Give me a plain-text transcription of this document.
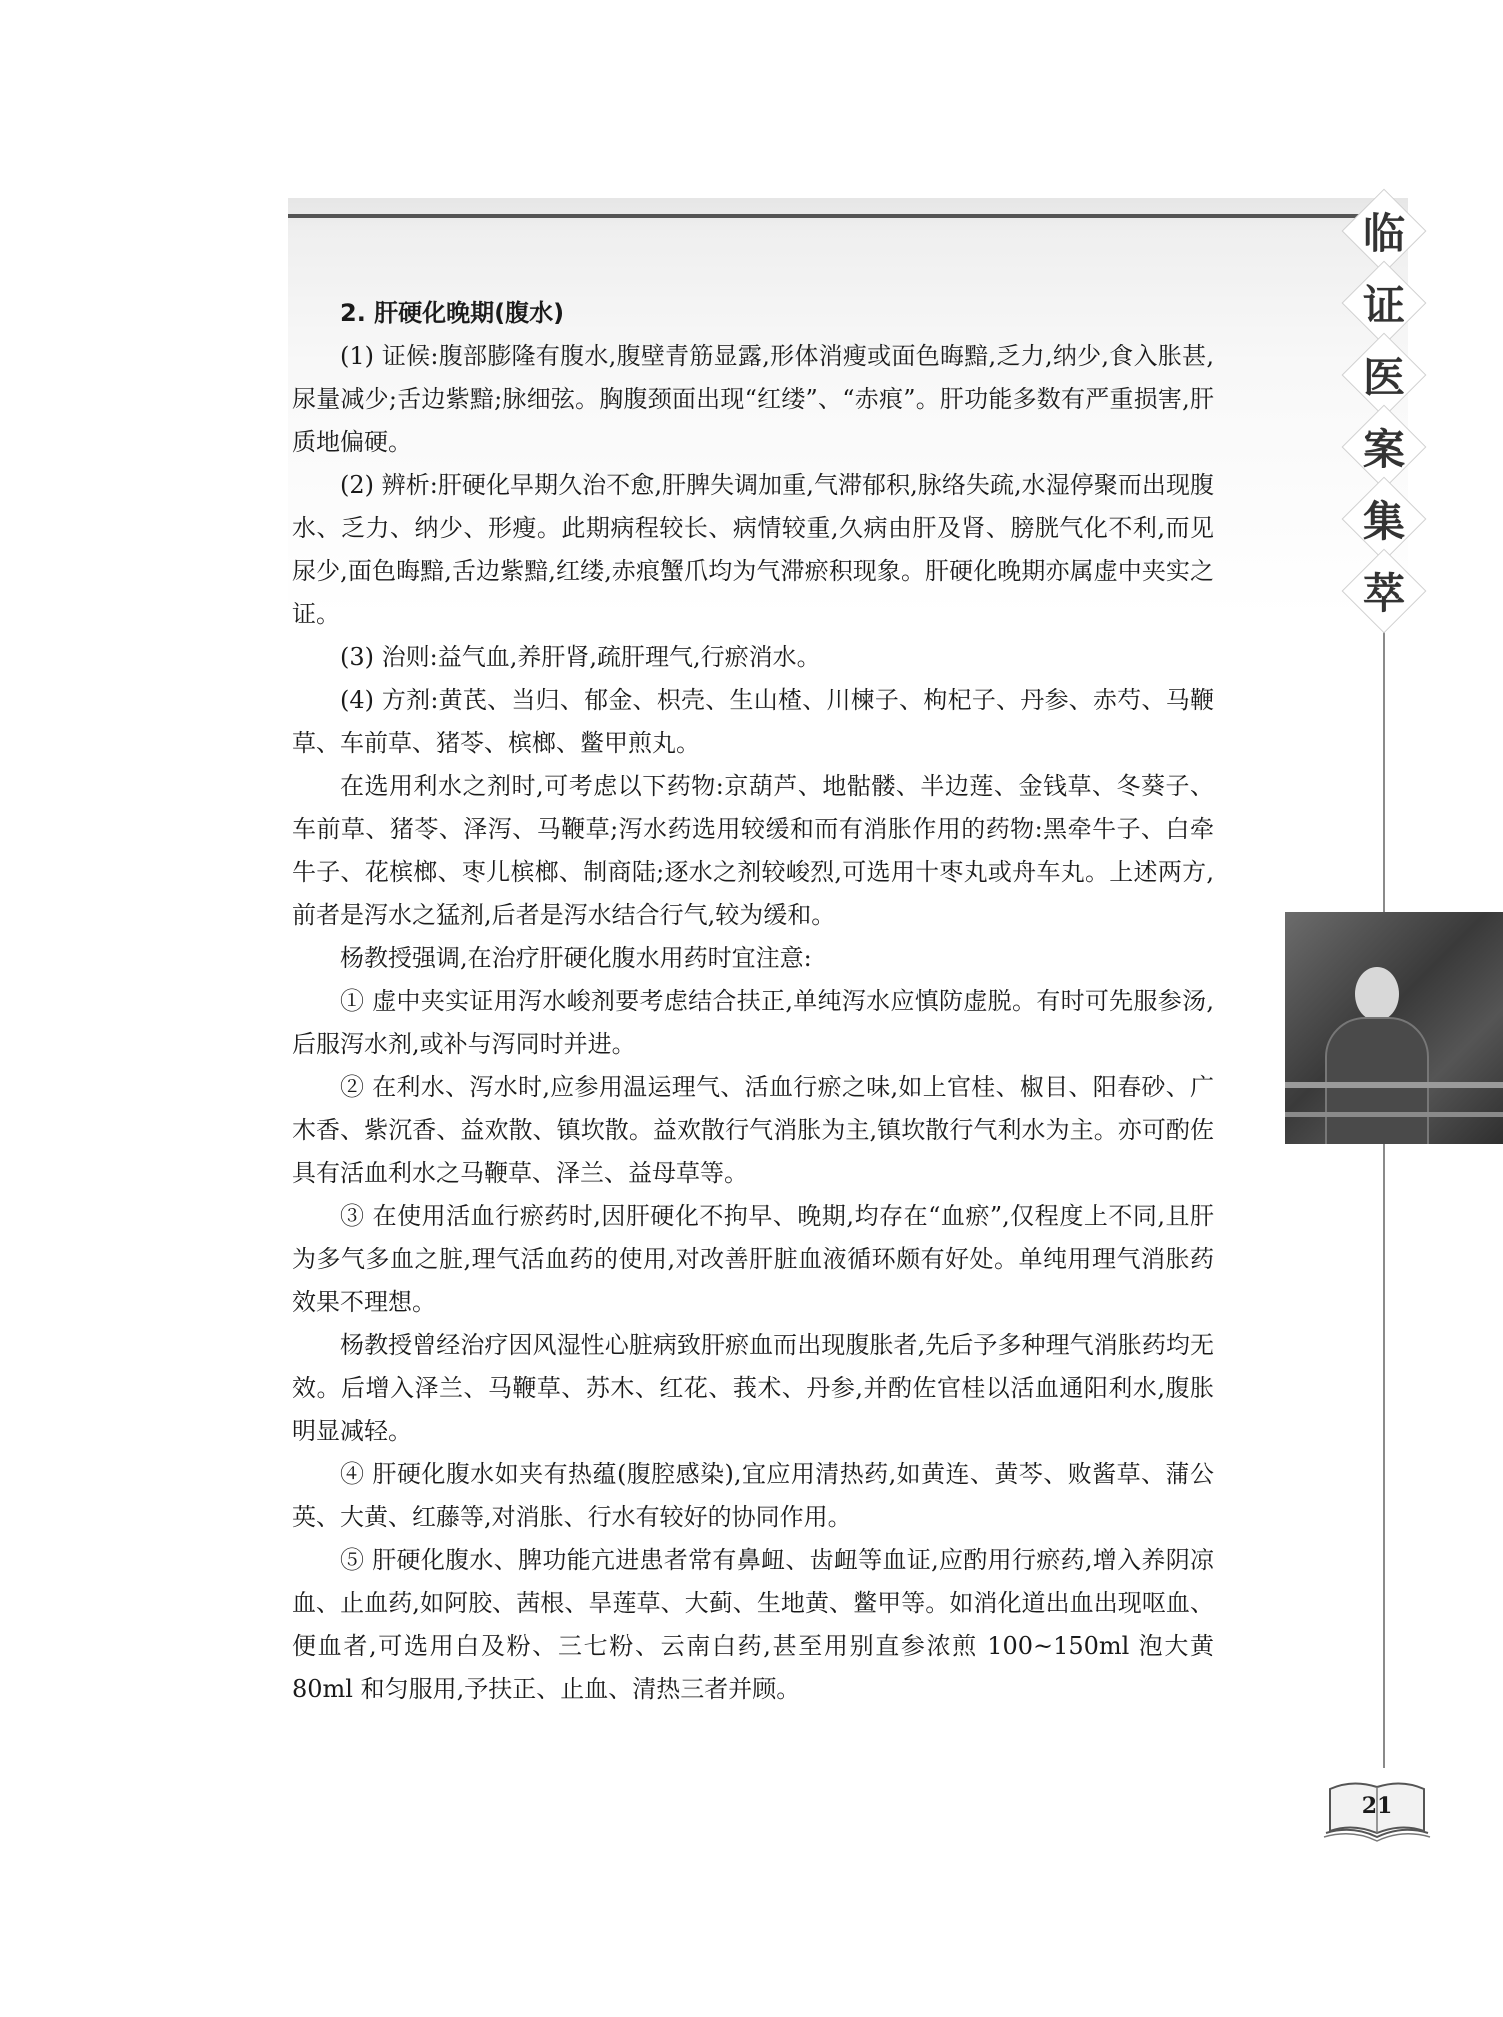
临
证
医
案
集
萃

2. 肝硬化晚期(腹水)

(1) 证候:腹部膨隆有腹水,腹壁青筋显露,形体消瘦或面色晦黯,乏力,纳少,食入胀甚,尿量减少;舌边紫黯;脉细弦。胸腹颈面出现“红缕”、“赤痕”。肝功能多数有严重损害,肝质地偏硬。

(2) 辨析:肝硬化早期久治不愈,肝脾失调加重,气滞郁积,脉络失疏,水湿停聚而出现腹水、乏力、纳少、形瘦。此期病程较长、病情较重,久病由肝及肾、膀胱气化不利,而见尿少,面色晦黯,舌边紫黯,红缕,赤痕蟹爪均为气滞瘀积现象。肝硬化晚期亦属虚中夹实之证。

(3) 治则:益气血,养肝肾,疏肝理气,行瘀消水。

(4) 方剂:黄芪、当归、郁金、枳壳、生山楂、川楝子、枸杞子、丹参、赤芍、马鞭草、车前草、猪苓、槟榔、鳖甲煎丸。

在选用利水之剂时,可考虑以下药物:京葫芦、地骷髅、半边莲、金钱草、冬葵子、车前草、猪苓、泽泻、马鞭草;泻水药选用较缓和而有消胀作用的药物:黑牵牛子、白牵牛子、花槟榔、枣儿槟榔、制商陆;逐水之剂较峻烈,可选用十枣丸或舟车丸。上述两方,前者是泻水之猛剂,后者是泻水结合行气,较为缓和。

杨教授强调,在治疗肝硬化腹水用药时宜注意:

① 虚中夹实证用泻水峻剂要考虑结合扶正,单纯泻水应慎防虚脱。有时可先服参汤,后服泻水剂,或补与泻同时并进。

② 在利水、泻水时,应参用温运理气、活血行瘀之味,如上官桂、椒目、阳春砂、广木香、紫沉香、益欢散、镇坎散。益欢散行气消胀为主,镇坎散行气利水为主。亦可酌佐具有活血利水之马鞭草、泽兰、益母草等。

③ 在使用活血行瘀药时,因肝硬化不拘早、晚期,均存在“血瘀”,仅程度上不同,且肝为多气多血之脏,理气活血药的使用,对改善肝脏血液循环颇有好处。单纯用理气消胀药效果不理想。

杨教授曾经治疗因风湿性心脏病致肝瘀血而出现腹胀者,先后予多种理气消胀药均无效。后增入泽兰、马鞭草、苏木、红花、莪术、丹参,并酌佐官桂以活血通阳利水,腹胀明显减轻。

④ 肝硬化腹水如夹有热蕴(腹腔感染),宜应用清热药,如黄连、黄芩、败酱草、蒲公英、大黄、红藤等,对消胀、行水有较好的协同作用。

⑤ 肝硬化腹水、脾功能亢进患者常有鼻衄、齿衄等血证,应酌用行瘀药,增入养阴凉血、止血药,如阿胶、茜根、旱莲草、大蓟、生地黄、鳖甲等。如消化道出血出现呕血、便血者,可选用白及粉、三七粉、云南白药,甚至用别直参浓煎 100~150ml 泡大黄 80ml 和匀服用,予扶正、止血、清热三者并顾。

21
